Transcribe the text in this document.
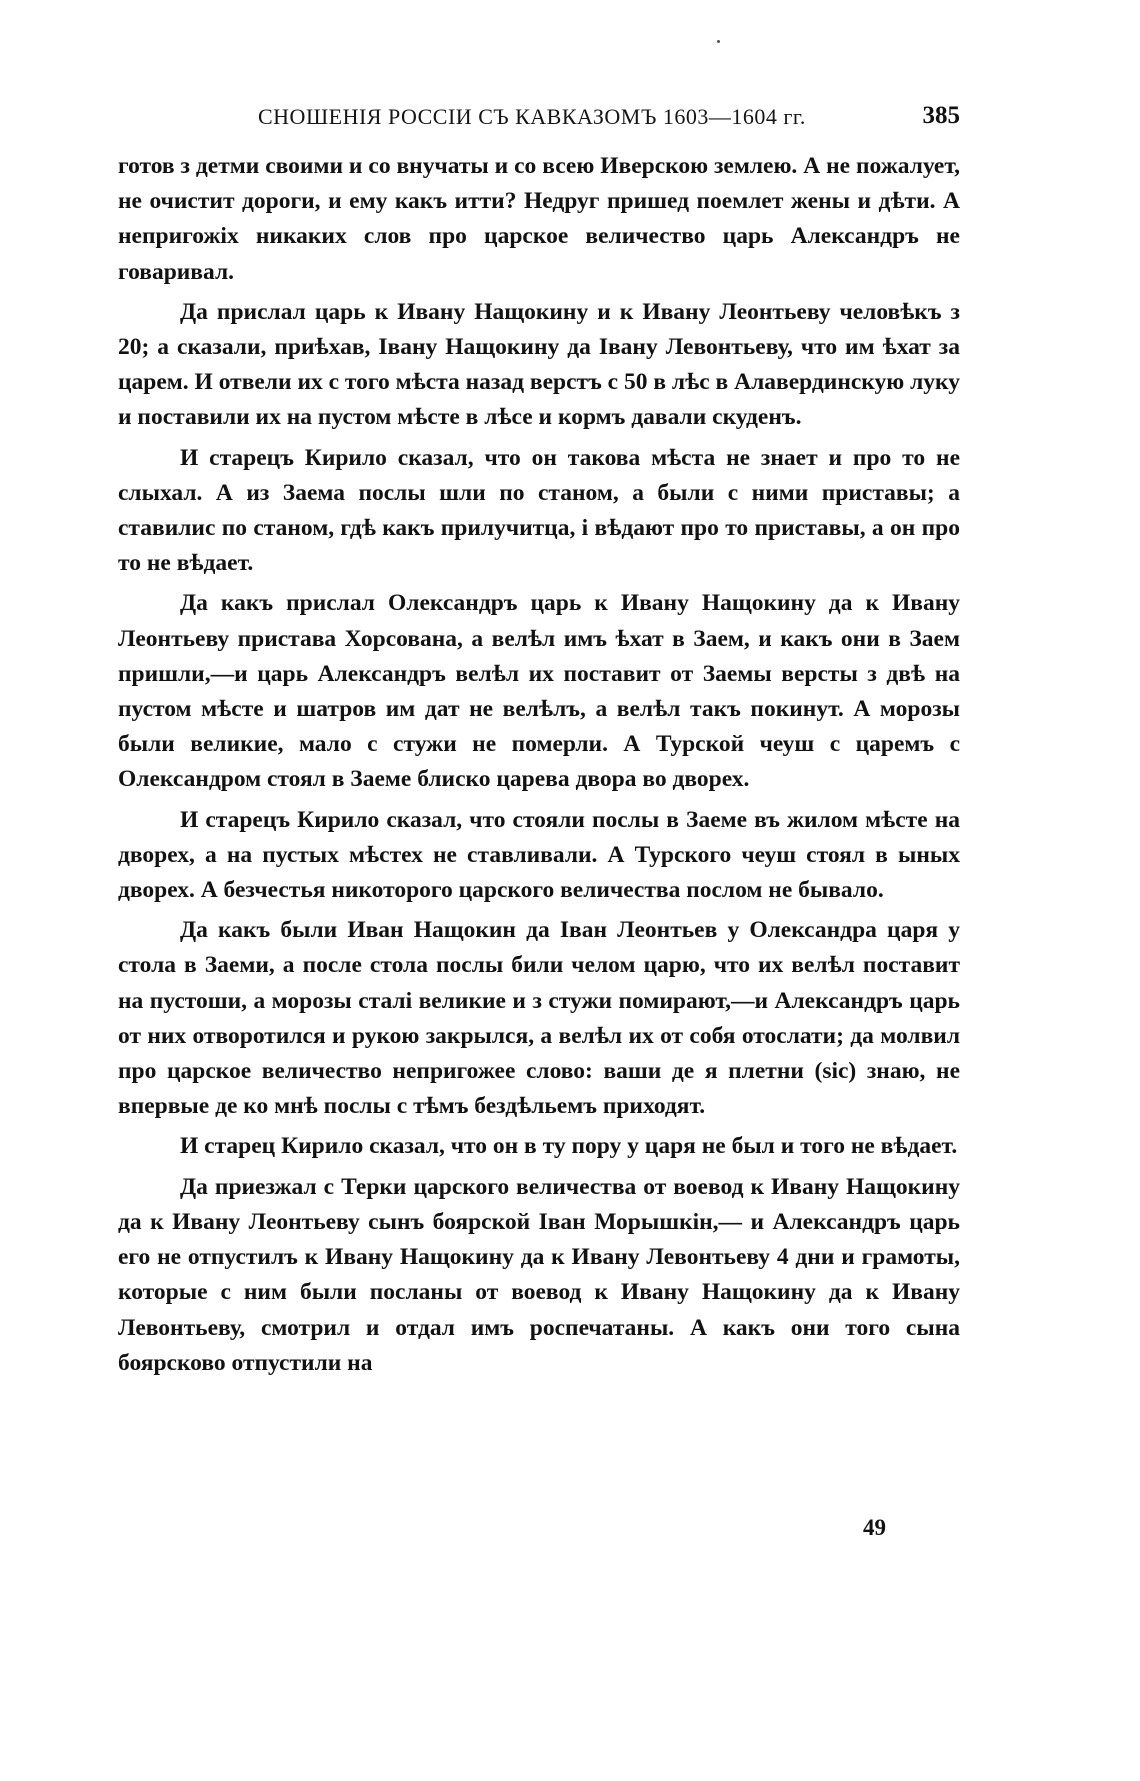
СНОШЕНІЯ РОССІИ СЪ КАВКАЗОМЪ 1603—1604 гг.	385

готов з детми своими и со внучаты и со всею Иверскою землею. А не пожалует, не очистит дороги, и ему какъ итти? Недруг пришед поемлет жены и дѣти. А непригожіх никаких слов про царское величество царь Александръ не говаривал.

Да прислал царь к Ивану Нащокину и к Ивану Леонтьеву человѣкъ з 20; а сказали, приѣхав, Івану Нащокину да Івану Левонтьеву, что им ѣхат за царем. И отвели их с того мѣста назад верстъ с 50 в лѣс в Алавердинскую луку и поставили их на пустом мѣсте в лѣсе и кормъ давали скуденъ.

И старецъ Кирило сказал, что он такова мѣста не знает и про то не слыхал. А из Заема послы шли по станом, а были с ними приставы; а ставилис по станом, гдѣ какъ прилучитца, і вѣдают про то приставы, а он про то не вѣдает.

Да какъ прислал Олександръ царь к Ивану Нащокину да к Ивану Леонтьеву пристава Хорсована, а велѣл имъ ѣхат в Заем, и какъ они в Заем пришли,—и царь Александръ велѣл их поставит от Заемы версты з двѣ на пустом мѣсте и шатров им дат не велѣлъ, а велѣл такъ покинут. А морозы были великие, мало с стужи не померли. А Турской чеуш с царемъ с Олександром стоял в Заеме блиско царева двора во дворех.

И старецъ Кирило сказал, что стояли послы в Заеме въ жилом мѣсте на дворех, а на пустых мѣстех не ставливали. А Турского чеуш стоял в ыных дворех. А безчестья никоторого царского величества послом не бывало.

Да какъ были Иван Нащокин да Іван Леонтьев у Олександра царя у стола в Заеми, а после стола послы били челом царю, что их велѣл поставит на пустоши, а морозы сталі великие и з стужи помирают,—и Александръ царь от них отворотился и рукою закрылся, а велѣл их от собя отослати; да молвил про царское величество непригожее слово: ваши де я плетни (sic) знаю, не впервые де ко мнѣ послы с тѣмъ бездѣльемъ приходят.

И старец Кирило сказал, что он в ту пору у царя не был и того не вѣдает.

Да приезжал с Терки царского величества от воевод к Ивану Нащокину да к Ивану Леонтьеву сынъ боярской Іван Морышкін,— и Александръ царь его не отпустилъ к Ивану Нащокину да к Ивану Левонтьеву 4 дни и грамоты, которые с ним были посланы от воевод к Ивану Нащокину да к Ивану Левонтьеву, смотрил и отдал имъ роспечатаны. А какъ они того сына боярсково отпустили на

49
